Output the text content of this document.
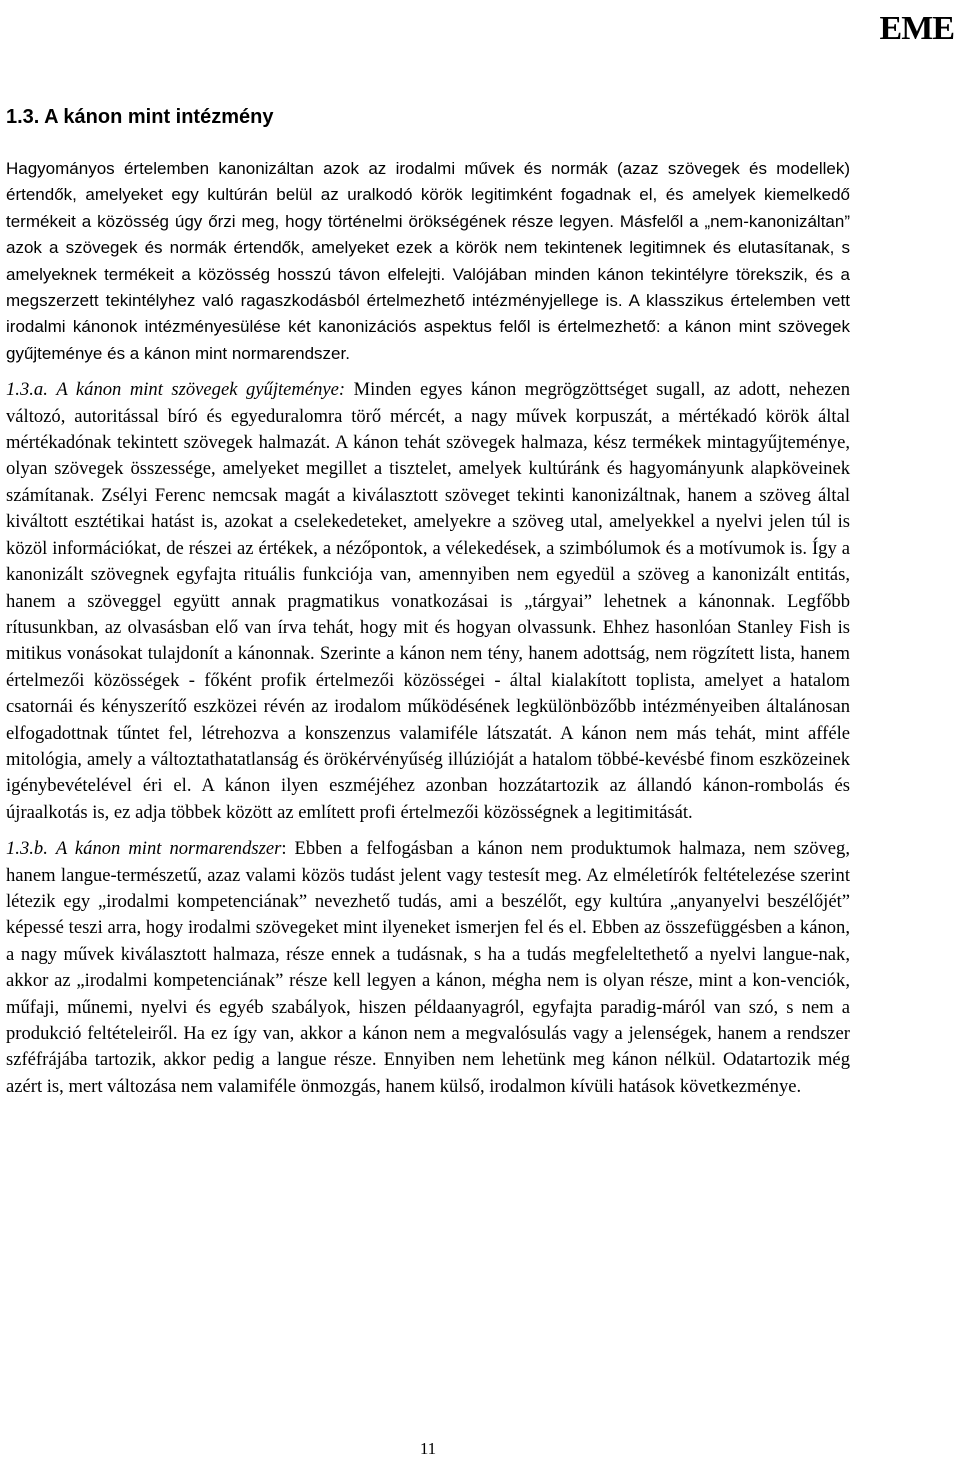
EME
1.3. A kánon mint intézmény

Hagyományos értelemben kanonizáltan azok az irodalmi művek és normák (azaz szövegek és modellek) értendők, amelyeket egy kultúrán belül az uralkodó körök legitimként fogadnak el, és amelyek kiemelkedő termékeit a közösség úgy őrzi meg, hogy történelmi örökségének része legyen. Másfelől a „nem-kanonizáltan” azok a szövegek és normák értendők, amelyeket ezek a körök nem tekintenek legitimnek és elutasítanak, s amelyeknek termékeit a közösség hosszú távon elfelejti. Valójában minden kánon tekintélyre törekszik, és a megszerzett tekintélyhez való ragaszkodásból értelmezhető intézményjellege is. A klasszikus értelemben vett irodalmi kánonok intézményesülése két kanonizációs aspektus felől is értelmezhető: a kánon mint szövegek gyűjteménye és a kánon mint normarendszer.

1.3.a. A kánon mint szövegek gyűjteménye: Minden egyes kánon megrögzöttséget sugall, az adott, nehezen változó, autoritással bíró és egyeduralomra törő mércét, a nagy művek korpuszát, a mértékadó körök által mértékadónak tekintett szövegek halmazát. A kánon tehát szövegek halmaza, kész termékek mintagyűjteménye, olyan szövegek összessége, amelyeket megillet a tisztelet, amelyek kultúránk és hagyományunk alapköveinek számítanak. Zsélyi Ferenc nemcsak magát a kiválasztott szöveget tekinti kanonizáltnak, hanem a szöveg által kiváltott esztétikai hatást is, azokat a cselekedeteket, amelyekre a szöveg utal, amelyekkel a nyelvi jelen túl is közöl információkat, de részei az értékek, a nézőpontok, a vélekedések, a szimbólumok és a motívumok is. Így a kanonizált szövegnek egyfajta rituális funkciója van, amennyiben nem egyedül a szöveg a kanonizált entitás, hanem a szöveggel együtt annak pragmatikus vonatkozásai is „tárgyai” lehetnek a kánonnak. Legfőbb rítusunkban, az olvasásban elő van írva tehát, hogy mit és hogyan olvassunk. Ehhez hasonlóan Stanley Fish is mitikus vonásokat tulajdonít a kánonnak. Szerinte a kánon nem tény, hanem adottság, nem rögzített lista, hanem értelmezői közösségek - főként profik értelmezői közösségei - által kialakított toplista, amelyet a hatalom csatornái és kényszerítő eszközei révén az irodalom működésének legkülönbözőbb intézményeiben általánosan elfogadottnak tűntet fel, létrehozva a konszenzus valamiféle látszatát. A kánon nem más tehát, mint afféle mitológia, amely a változtathatatlanság és örökérvényűség illúzióját a hatalom többé-kevésbé finom eszközeinek igénybevételével éri el. A kánon ilyen eszméjéhez azonban hozzátartozik az állandó kánon-rombolás és újraalkotás is, ez adja többek között az említett profi értelmezői közösségnek a legitimitását.

1.3.b. A kánon mint normarendszer: Ebben a felfogásban a kánon nem produktumok halmaza, nem szöveg, hanem langue-természetű, azaz valami közös tudást jelent vagy testesít meg. Az elméletírók feltételezése szerint létezik egy „irodalmi kompetenciának” nevezhető tudás, ami a beszélőt, egy kultúra „anyanyelvi beszélőjét” képessé teszi arra, hogy irodalmi szövegeket mint ilyeneket ismerjen fel és el. Ebben az összefüggésben a kánon, a nagy művek kiválasztott halmaza, része ennek a tudásnak, s ha a tudás megfeleltethető a nyelvi langue-nak, akkor az „irodalmi kompetenciának” része kell legyen a kánon, mégha nem is olyan része, mint a kon-venciók, műfaji, műnemi, nyelvi és egyéb szabályok, hiszen példaanyagról, egyfajta paradig-máról van szó, s nem a produkció feltételeiről. Ha ez így van, akkor a kánon nem a megvalósulás vagy a jelenségek, hanem a rendszer szféfrájába tartozik, akkor pedig a langue része. Ennyiben nem lehetünk meg kánon nélkül. Odatartozik még azért is, mert változása nem valamiféle önmozgás, hanem külső, irodalmon kívüli hatások következménye.

11
